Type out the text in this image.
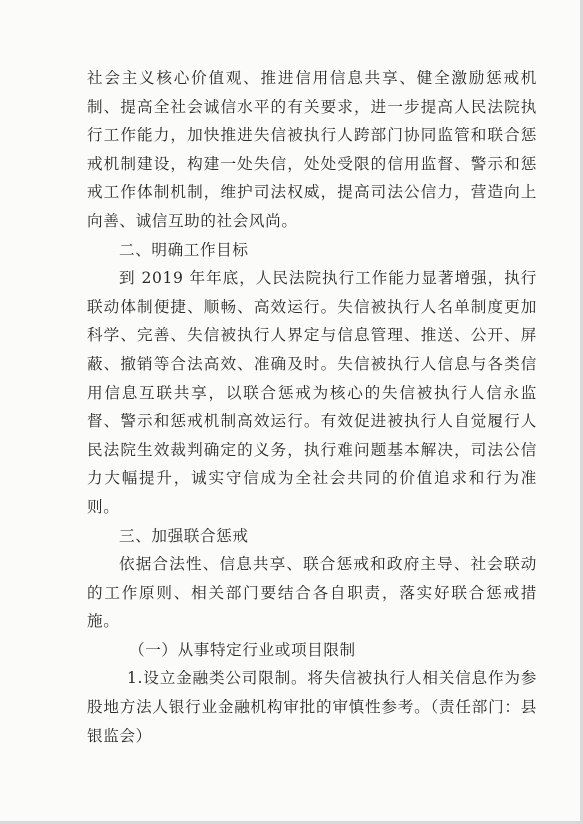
社会主义核心价值观、推进信用信息共享、健全激励惩戒机制、提高全社会诚信水平的有关要求，进一步提高人民法院执行工作能力，加快推进失信被执行人跨部门协同监管和联合惩戒机制建设，构建一处失信，处处受限的信用监督、警示和惩戒工作体制机制，维护司法权威，提高司法公信力，营造向上向善、诚信互助的社会风尚。

二、明确工作目标

到 2019 年年底，人民法院执行工作能力显著增强，执行联动体制便捷、顺畅、高效运行。失信被执行人名单制度更加科学、完善、失信被执行人界定与信息管理、推送、公开、屏蔽、撤销等合法高效、准确及时。失信被执行人信息与各类信用信息互联共享，以联合惩戒为核心的失信被执行人信永监督、警示和惩戒机制高效运行。有效促进被执行人自觉履行人民法院生效裁判确定的义务，执行难问题基本解决，司法公信力大幅提升，诚实守信成为全社会共同的价值追求和行为准则。

三、加强联合惩戒

依据合法性、信息共享、联合惩戒和政府主导、社会联动的工作原则、相关部门要结合各自职责，落实好联合惩戒措施。

（一）从事特定行业或项目限制

1.设立金融类公司限制。将失信被执行人相关信息作为参股地方法人银行业金融机构审批的审慎性参考。（责任部门：县银监会）
